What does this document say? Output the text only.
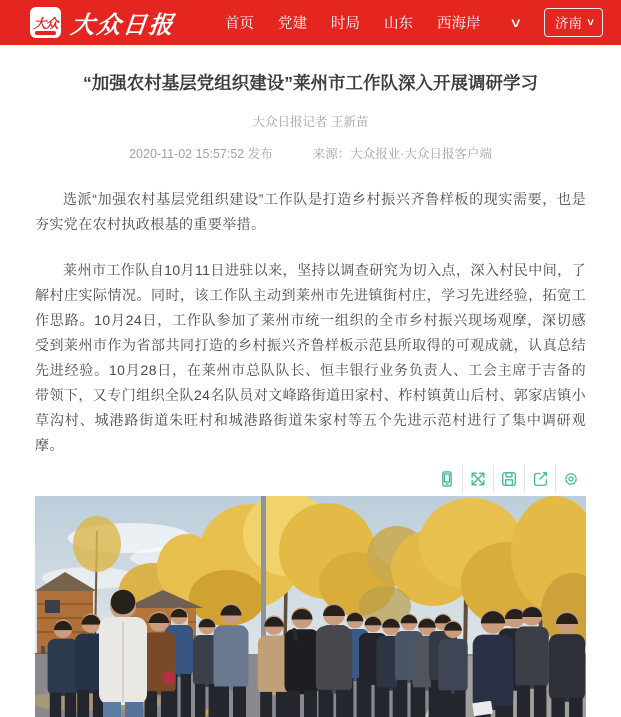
大众 大众日报	首页 党建 时局 山东 西海岸 ∨ 济南 ∨
“加强农村基层党组织建设”莱州市工作队深入开展调研学习
大众日报记者 王新苗
2020-11-02 15:57:52 发布	来源：大众报业·大众日报客户端

选派“加强农村基层党组织建设”工作队是打造乡村振兴齐鲁样板的现实需要，也是夯实党在农村执政根基的重要举措。

莱州市工作队自10月11日进驻以来，坚持以调查研究为切入点，深入村民中间，了解村庄实际情况。同时，该工作队主动到莱州市先进镇街村庄，学习先进经验，拓宽工作思路。10月24日，工作队参加了莱州市统一组织的全市乡村振兴现场观摩，深切感受到莱州市作为省部共同打造的乡村振兴齐鲁样板示范县所取得的可观成就，认真总结先进经验。10月28日，在莱州市总队队长、恒丰银行业务负责人、工会主席于吉备的带领下，又专门组织全队24名队员对文峰路街道田家村、柞村镇黄山后村、郭家店镇小草沟村、城港路街道朱旺村和城港路街道朱家村等五个先进示范村进行了集中调研观摩。
